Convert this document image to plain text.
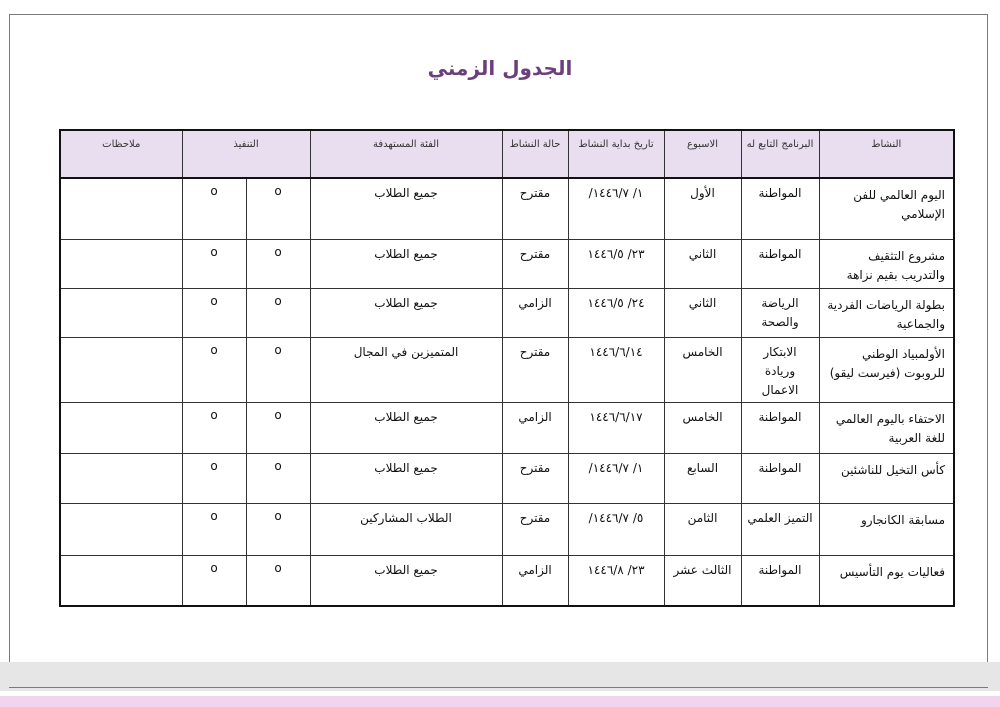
الجدول الزمني
النشاط	البرنامج التابع له	الاسبوع	تاريخ بداية النشاط	حالة النشاط	الفئة المستهدفة	التنفيذ		ملاحظات
اليوم العالمي للفن الإسلامي	المواطنة	الأول	١/ ١٤٤٦/٧/	مقترح	جميع الطلاب	o	o	
مشروع التثقيف والتدريب بقيم نزاهة	المواطنة	الثاني	٢٣/ ١٤٤٦/٥	مقترح	جميع الطلاب	o	o	
بطولة الرياضات الفردية والجماعية	الرياضة والصحة	الثاني	٢٤/ ١٤٤٦/٥	الزامي	جميع الطلاب	o	o	
الأولمبياد الوطني للروبوت (فيرست ليقو)	الابتكار وريادة الاعمال	الخامس	١٤٤٦/٦/١٤	مقترح	المتميزين في المجال	o	o	
الاحتفاء باليوم العالمي للغة العربية	المواطنة	الخامس	١٤٤٦/٦/١٧	الزامي	جميع الطلاب	o	o	
كأس التخيل للناشئين	المواطنة	السابع	١/ ١٤٤٦/٧/	مقترح	جميع الطلاب	o	o	
مسابقة الكانجارو	التميز العلمي	الثامن	٥/ ١٤٤٦/٧/	مقترح	الطلاب المشاركين	o	o	
فعاليات يوم التأسيس	المواطنة	الثالث عشر	٢٣/ ١٤٤٦/٨	الزامي	جميع الطلاب	o	o	
